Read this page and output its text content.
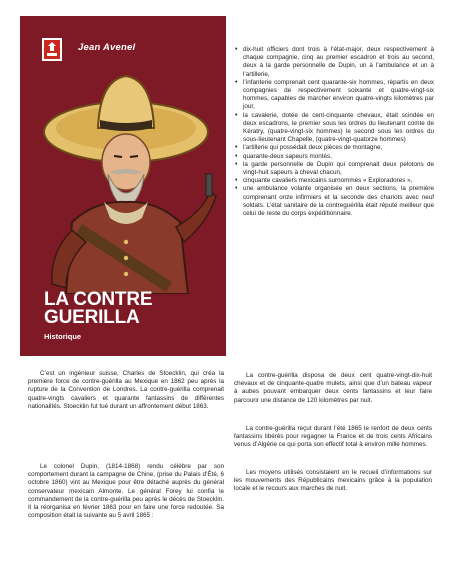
Jean Avenel
LA CONTRE
GUERILLA
Historique
• dix-huit officiers dont trois à l’état-major, deux respectivement à chaque compagnie, cinq au premier escadron et trois au second, deux à la garde personnelle de Dupin, un à l’ambulance et un à l’artillerie,
• l’infanterie comprenait cent quarante-six hommes, répartis en deux compagnies de respectivement soixante et quatre-vingt-six hommes, capables de marcher environ quatre-vingts kilomètres par jour,
• la cavalerie, dotée de cent-cinquante chevaux, était scindée en deux escadrons, le premier sous les ordres du lieutenant comte de Kératry, (quatre-vingt-six hommes) le second sous les ordres du sous-lieutenant Chapelle, (quatre-vingt-quatorze hommes)
• l’artillerie qui possédait deux pièces de montagne,
• quarante-deux sapeurs montés,
• la garde personnelle de Dupin qui comprenait deux pelotons de vingt-huit sapeurs à cheval chacun,
• cinquante cavaliers mexicains surnommés « Exploradores »,
• une ambulance volante organisée en deux sections, la première comprenant onze infirmiers et la seconde des chariots avec neuf soldats. L’état sanitaire de la contreguérilla était réputé meilleur que celui de reste du corps expéditionnaire.

C’est un ingénieur suisse, Charles de Stoecklin, qui créa la première force de contre-guérilla au Mexique en 1862 peu après la rupture de la Convention de Londres. La contre-guérilla comprenait quatre-vingts cavaliers et quarante fantassins de différentes nationalités. Stoecklin fut tué durant un affrontement début 1863.

Le colonel Dupin, (1814-1868) rendu célèbre par son comportement durant la campagne de Chine, (prise du Palais d’Été, 6 octobre 1860) vint au Mexique pour être détaché auprès du général conservateur mexicain Almonte. Le général Forey lui confia le commandement de la contre-guérilla peu après le décès de Stoecklin. Il la réorganisa en février 1863 pour en faire une force redoutée. Sa composition était la suivante au 5 avril 1865 :

La contre-guérilla disposa de deux cent quatre-vingt-dix-huit chevaux et de cinquante-quatre mulets, ainsi que d’un bateau vapeur à aubes pouvant embarquer deux cents fantassins et leur faire parcourir une distance de 120 kilomètres par nuit.

La contre-guérilla reçut durant l’été 1865 le renfort de deux cents fantassins libérés pour regagner la France et de trois cents Africains venus d’Algérie ce qui porta son effectif total à environ mille hommes.

Les moyens utilisés consistaient en le recueil d’informations sur les mouvements des Républicains mexicains grâce à la population locale et le recours aux marches de nuit.
